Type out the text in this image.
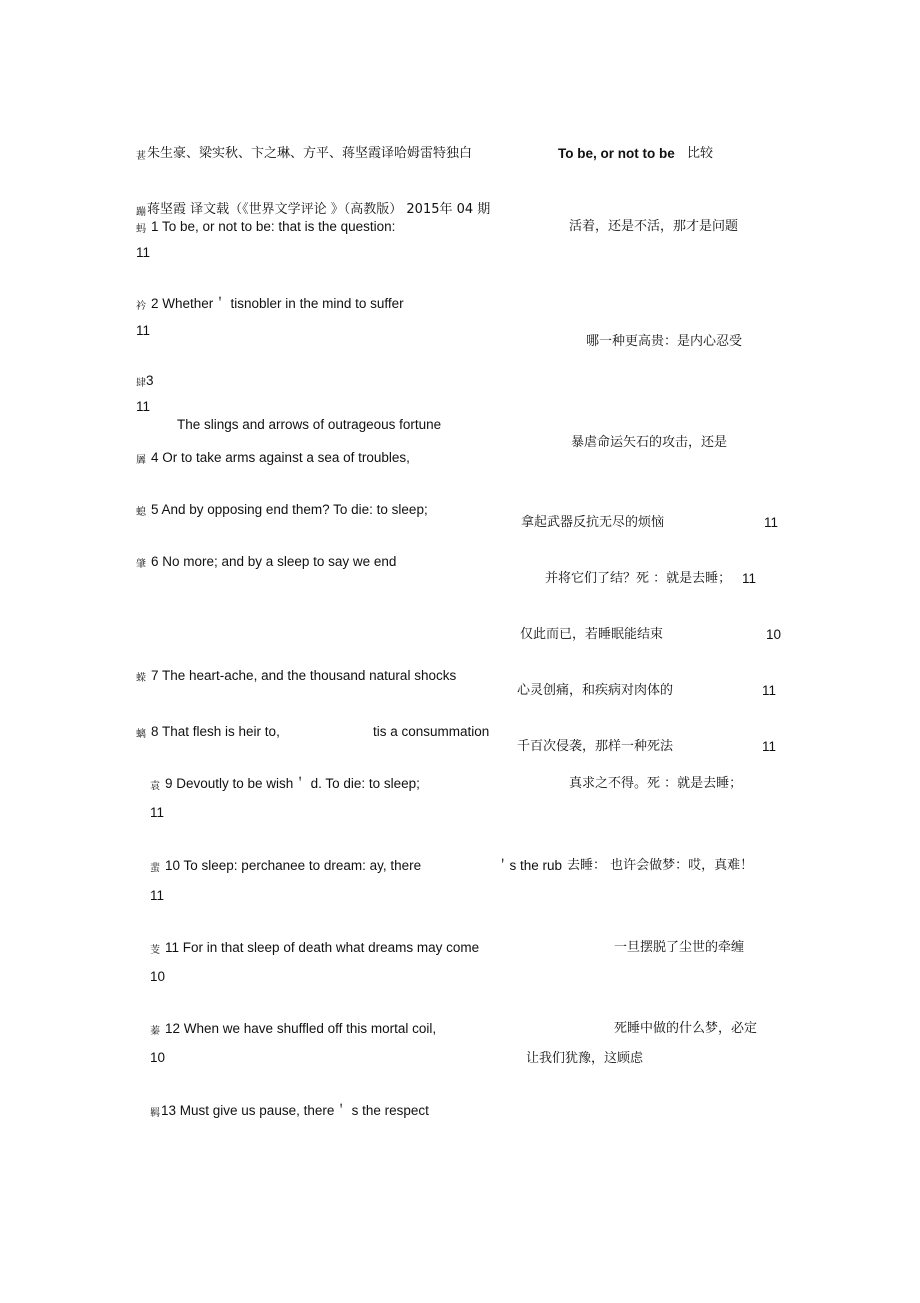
葚 朱生豪、梁实秋、卞之琳、方平、蒋坚霞译哈姆雷特独白	To be, or not to be 比较
蹦 蒋坚霞 译文载（《世界文学评论 》（高教版） 2015年 04 期
蚂 1 To be, or not to be: that is the question:
11
活着，还是不活，那才是问题
衿 2 Whether＇ tisnobler in the mind to suffer
11
哪一种更高贵：是内心忍受
肆 3
11
The slings and arrows of outrageous fortune
暴虐命运矢石的攻击，还是
羼 4 Or to take arms against a sea of troubles,
螅 5 And by opposing end them? To die: to sleep;
拿起武器反抗无尽的烦恼	11
肇 6 No more; and by a sleep to say we end
并将它们了结？死 ：就是去睡； 11
仅此而已，若睡眠能结束	10
蝾 7 The heart-ache, and the thousand natural shocks
心灵创痛，和疾病对肉体的	11
螭 8 That flesh is heir to,	tis a consummation
千百次侵袭，那样一种死法	11
袁 9 Devoutly to be wish＇ d. To die: to sleep;
11
真求之不得。死 ：就是去睡；
蜚 10 To sleep: perchanee to dream: ay, there	＇s the rub 去睡： 也许会做梦：哎，真难！
11
芰 11 For in that sleep of death what dreams may come	一旦摆脱了尘世的牵缠
10
蓁 12 When we have shuffled off this mortal coil,	死睡中做的什么梦，必定
10	让我们犹豫，这顾虑
羁 13 Must give us pause, there＇ s the respect
